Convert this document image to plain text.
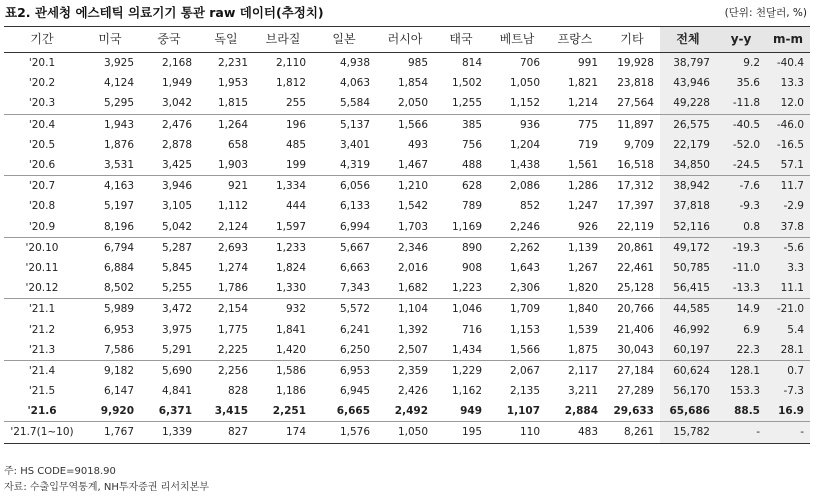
표2. 관세청 에스테틱 의료기기 통관 raw 데이터(추정치)	(단위: 천달러, %)
기간	미국	중국	독일	브라질	일본	러시아	태국	베트남	프랑스	기타	전체	y-y	m-m
'20.1	3,925	2,168	2,231	2,110	4,938	985	814	706	991	19,928	38,797	9.2	-40.4
'20.2	4,124	1,949	1,953	1,812	4,063	1,854	1,502	1,050	1,821	23,818	43,946	35.6	13.3
'20.3	5,295	3,042	1,815	255	5,584	2,050	1,255	1,152	1,214	27,564	49,228	-11.8	12.0
'20.4	1,943	2,476	1,264	196	5,137	1,566	385	936	775	11,897	26,575	-40.5	-46.0
'20.5	1,876	2,878	658	485	3,401	493	756	1,204	719	9,709	22,179	-52.0	-16.5
'20.6	3,531	3,425	1,903	199	4,319	1,467	488	1,438	1,561	16,518	34,850	-24.5	57.1
'20.7	4,163	3,946	921	1,334	6,056	1,210	628	2,086	1,286	17,312	38,942	-7.6	11.7
'20.8	5,197	3,105	1,112	444	6,133	1,542	789	852	1,247	17,397	37,818	-9.3	-2.9
'20.9	8,196	5,042	2,124	1,597	6,994	1,703	1,169	2,246	926	22,119	52,116	0.8	37.8
'20.10	6,794	5,287	2,693	1,233	5,667	2,346	890	2,262	1,139	20,861	49,172	-19.3	-5.6
'20.11	6,884	5,845	1,274	1,824	6,663	2,016	908	1,643	1,267	22,461	50,785	-11.0	3.3
'20.12	8,502	5,255	1,786	1,330	7,343	1,682	1,223	2,306	1,820	25,128	56,415	-13.3	11.1
'21.1	5,989	3,472	2,154	932	5,572	1,104	1,046	1,709	1,840	20,766	44,585	14.9	-21.0
'21.2	6,953	3,975	1,775	1,841	6,241	1,392	716	1,153	1,539	21,406	46,992	6.9	5.4
'21.3	7,586	5,291	2,225	1,420	6,250	2,507	1,434	1,566	1,875	30,043	60,197	22.3	28.1
'21.4	9,182	5,690	2,256	1,586	6,953	2,359	1,229	2,067	2,117	27,184	60,624	128.1	0.7
'21.5	6,147	4,841	828	1,186	6,945	2,426	1,162	2,135	3,211	27,289	56,170	153.3	-7.3
'21.6	9,920	6,371	3,415	2,251	6,665	2,492	949	1,107	2,884	29,633	65,686	88.5	16.9
'21.7(1~10)	1,767	1,339	827	174	1,576	1,050	195	110	483	8,261	15,782	-	-
주: HS CODE=9018.90
자료: 수출입무역통계, NH투자증권 리서치본부
